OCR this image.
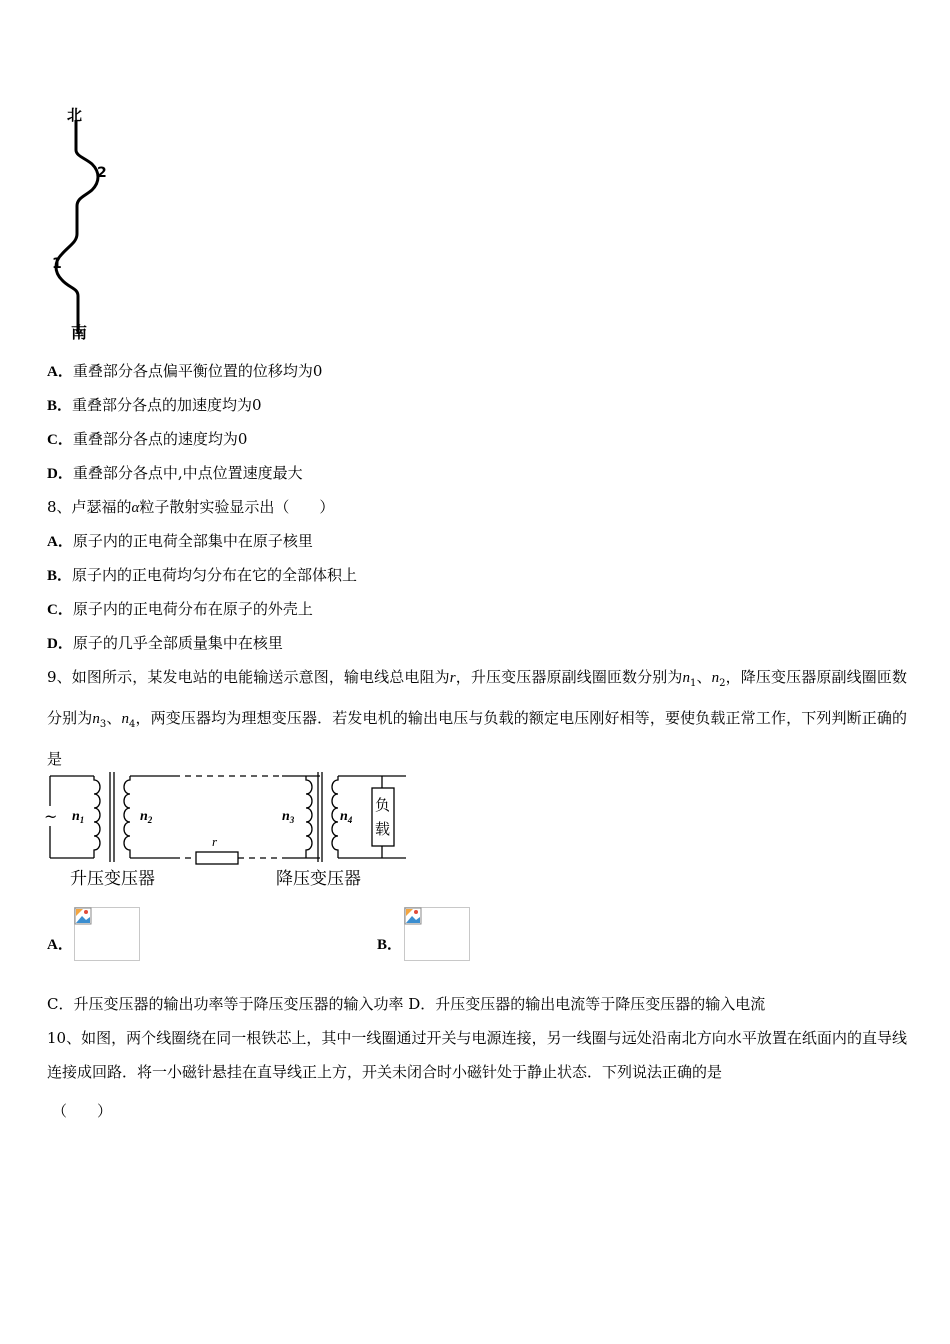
北
2
1
南
A．重叠部分各点偏平衡位置的位移均为0
B．重叠部分各点的加速度均为0
C．重叠部分各点的速度均为0
D．重叠部分各点中,中点位置速度最大
8、卢瑟福的α粒子散射实验显示出（　　）
A．原子内的正电荷全部集中在原子核里
B．原子内的正电荷均匀分布在它的全部体积上
C．原子内的正电荷分布在原子的外壳上
D．原子的几乎全部质量集中在核里
9、如图所示，某发电站的电能输送示意图，输电线总电阻为r，升压变压器原副线圈匝数分别为$n_1$、$n_2$，降压变压器原副线圈匝数分别为$n_3$、$n_4$，两变压器均为理想变压器．若发电机的输出电压与负载的额定电压刚好相等，要使负载正常工作，下列判断正确的是
~ $n_1$	$n_2$	$n_3$	$n_4$
r
负
载
升压变压器	降压变压器
A．	B．
C．升压变压器的输出功率等于降压变压器的输入功率 D．升压变压器的输出电流等于降压变压器的输入电流
10、如图，两个线圈绕在同一根铁芯上，其中一线圈通过开关与电源连接，另一线圈与远处沿南北方向水平放置在纸面内的直导线连接成回路．将一小磁针悬挂在直导线正上方，开关未闭合时小磁针处于静止状态．下列说法正确的是
（　　）
